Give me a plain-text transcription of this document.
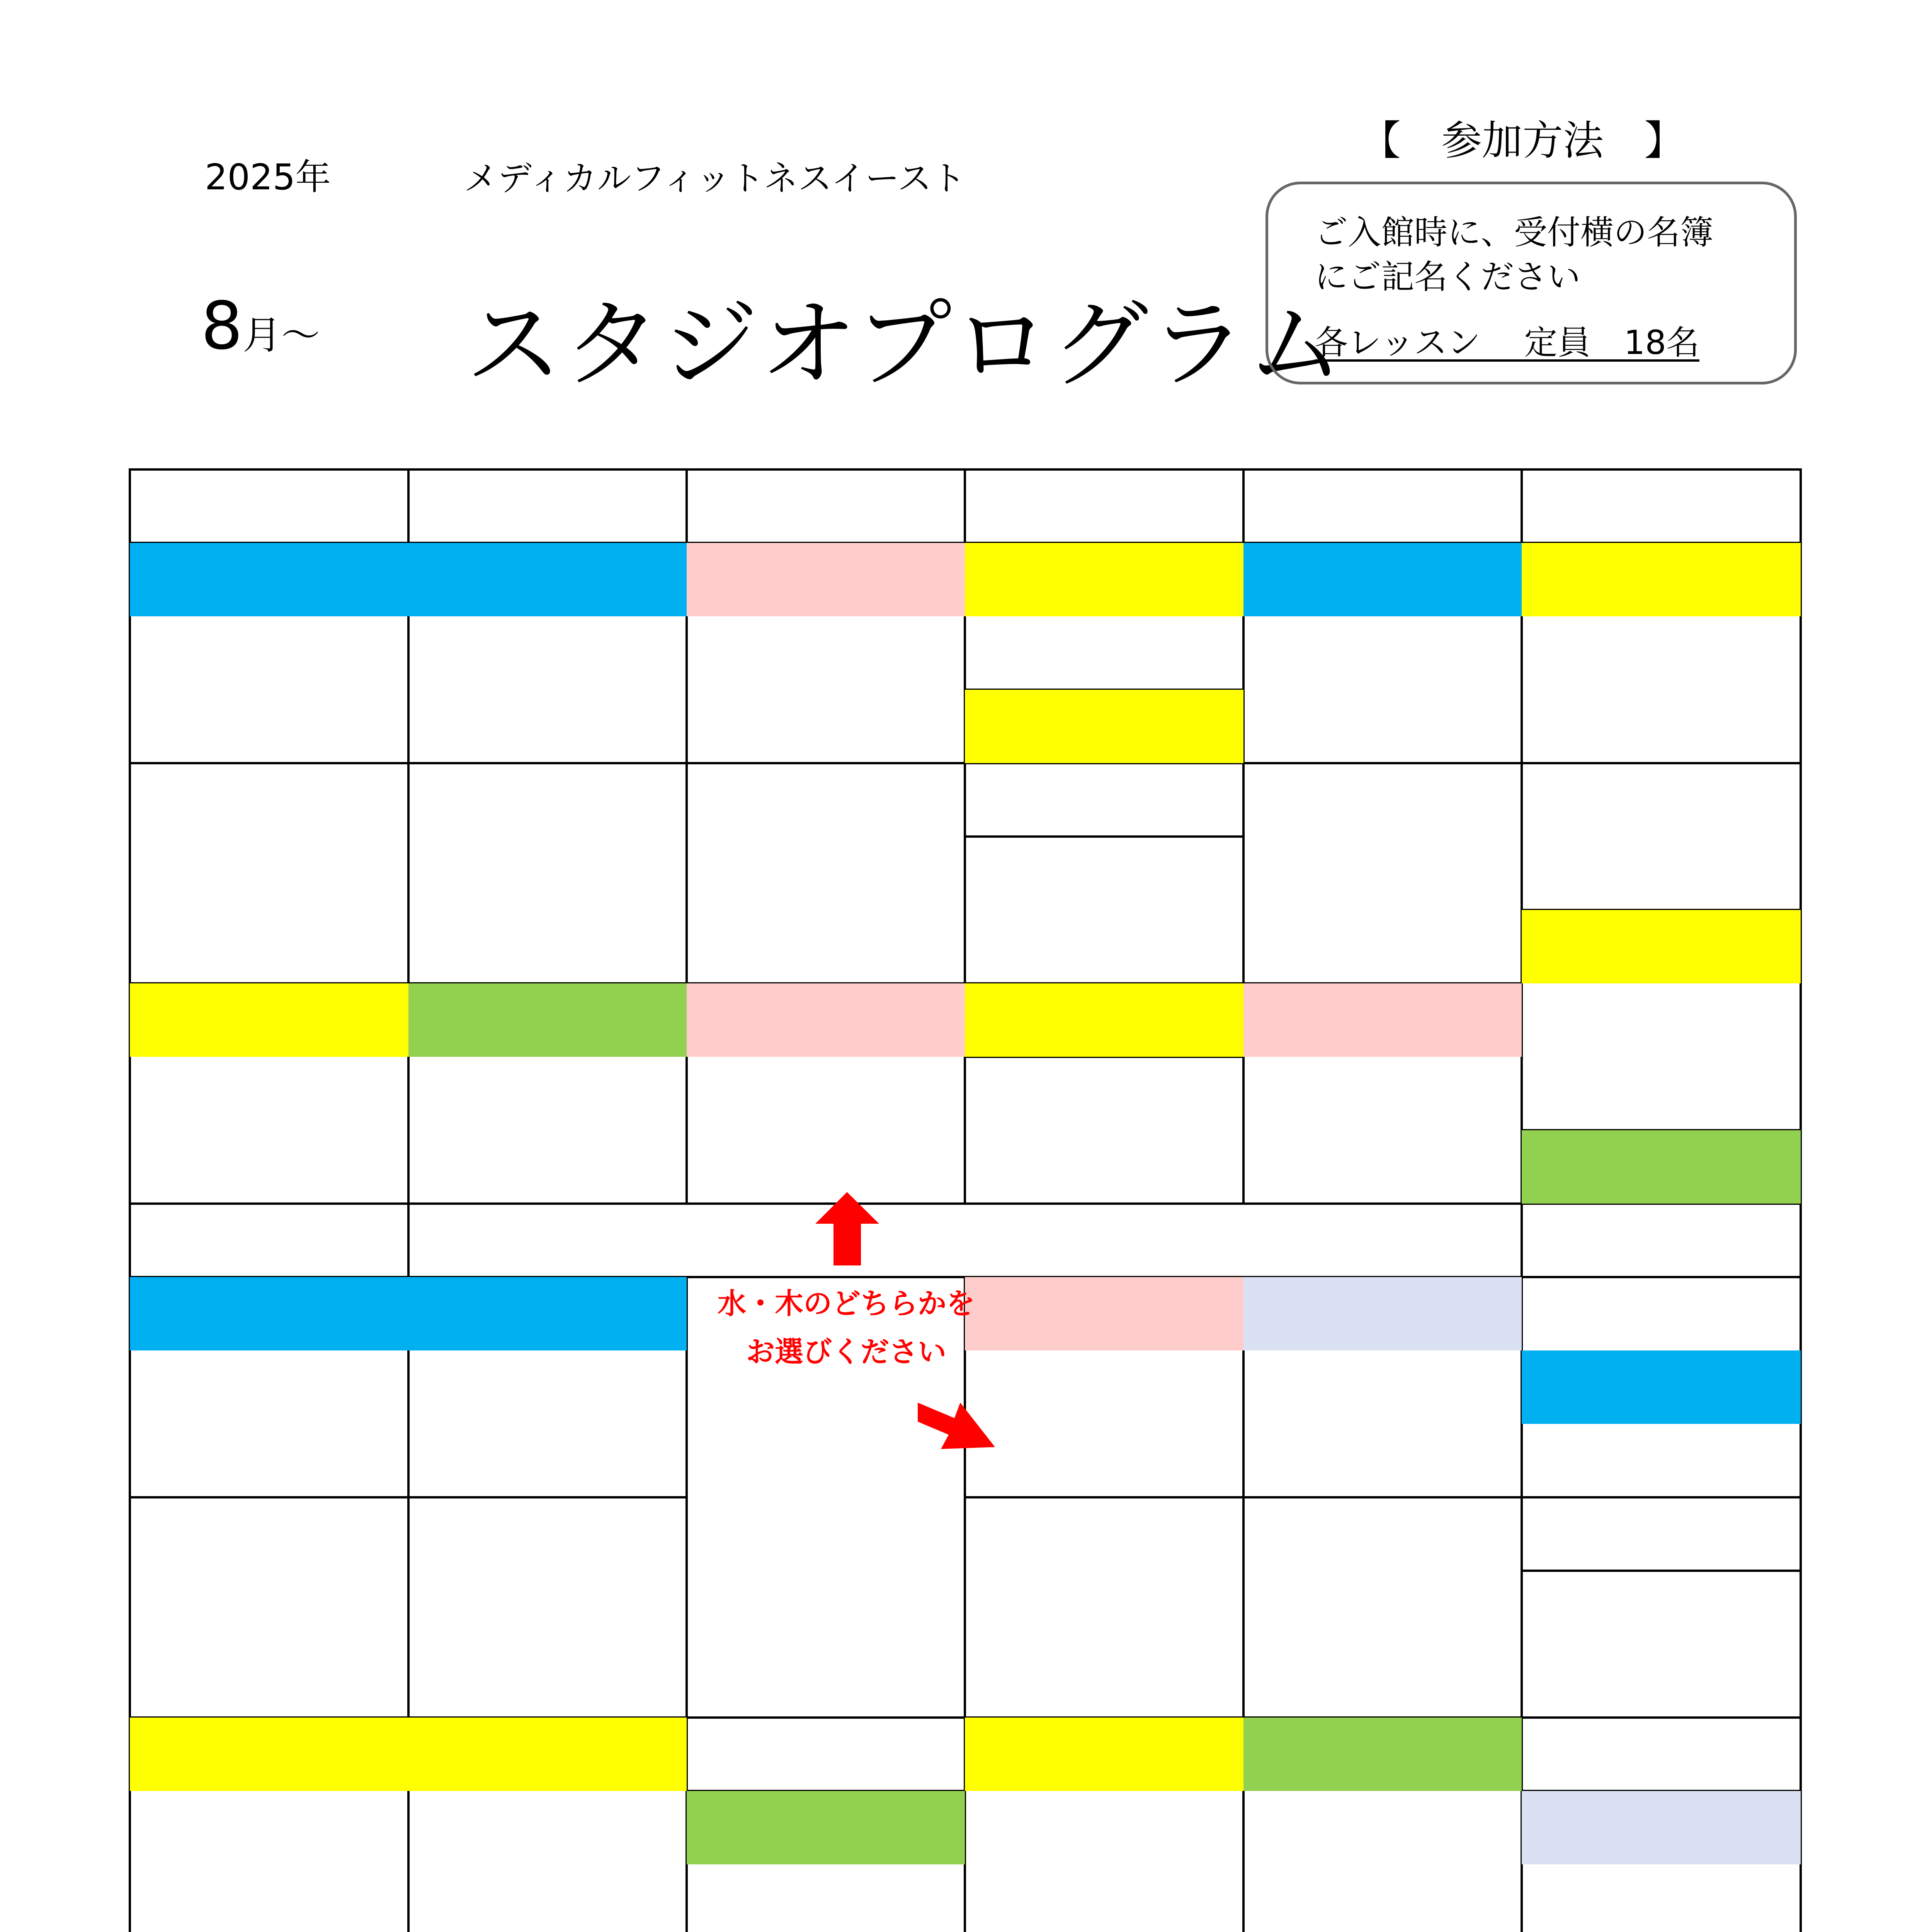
2025年	メディカルフィットネスイースト
8月～ スタジオプログラム
【　参加方法　】
ご入館時に、受付横の名簿
にご記名ください
各レッスン　 定員　18名
水・木のどちらかを
お選びください
